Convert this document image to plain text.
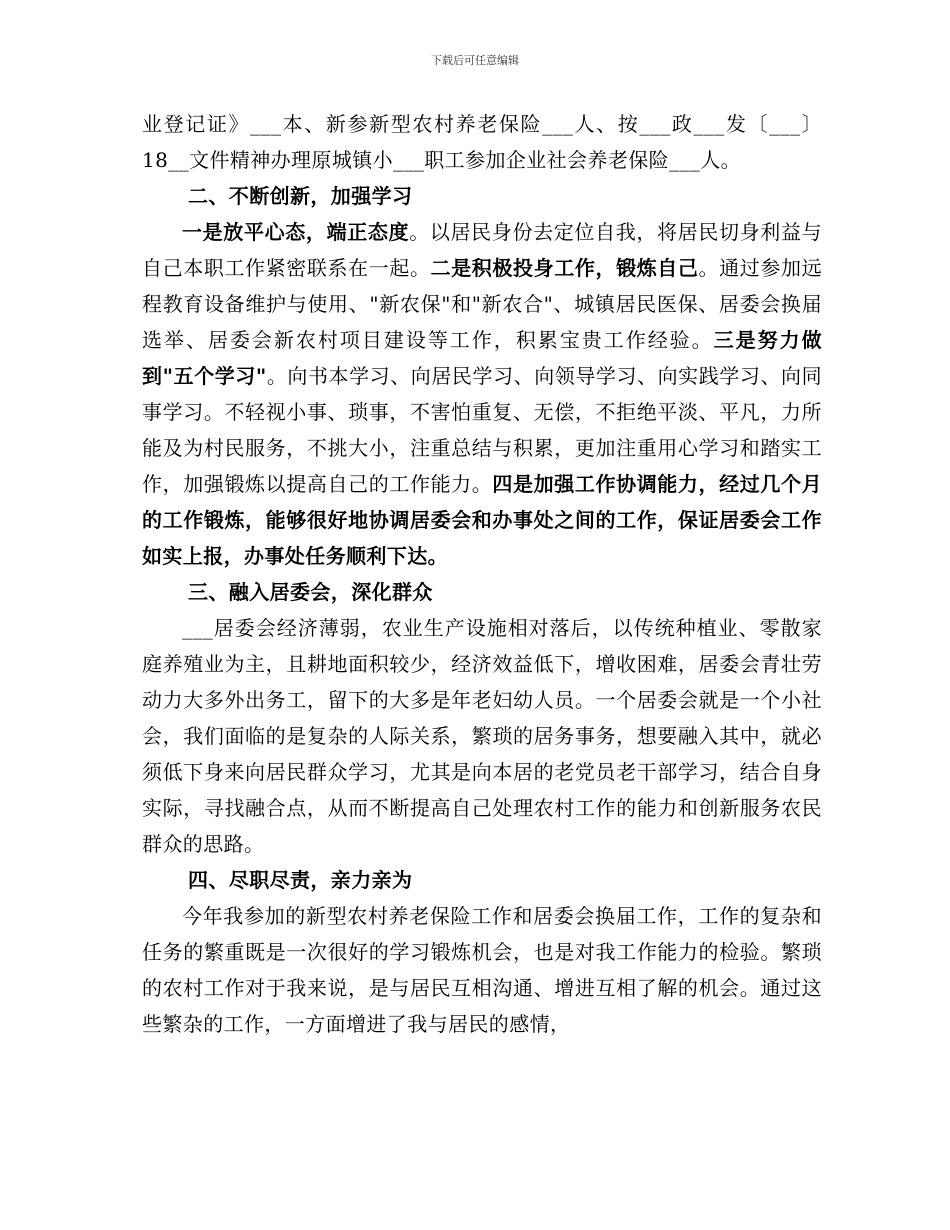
下载后可任意编辑

业登记证》___本、新参新型农村养老保险___人、按___政___发〔___〕18__文件精神办理原城镇小___职工参加企业社会养老保险___人。

二、不断创新，加强学习

一是放平心态，端正态度。以居民身份去定位自我，将居民切身利益与自己本职工作紧密联系在一起。二是积极投身工作，锻炼自己。通过参加远程教育设备维护与使用、"新农保"和"新农合"、城镇居民医保、居委会换届选举、居委会新农村项目建设等工作，积累宝贵工作经验。三是努力做到"五个学习"。向书本学习、向居民学习、向领导学习、向实践学习、向同事学习。不轻视小事、琐事，不害怕重复、无偿，不拒绝平淡、平凡，力所能及为村民服务，不挑大小，注重总结与积累，更加注重用心学习和踏实工作，加强锻炼以提高自己的工作能力。四是加强工作协调能力，经过几个月的工作锻炼，能够很好地协调居委会和办事处之间的工作，保证居委会工作如实上报，办事处任务顺利下达。

三、融入居委会，深化群众

___居委会经济薄弱，农业生产设施相对落后，以传统种植业、零散家庭养殖业为主，且耕地面积较少，经济效益低下，增收困难，居委会青壮劳动力大多外出务工，留下的大多是年老妇幼人员。一个居委会就是一个小社会，我们面临的是复杂的人际关系，繁琐的居务事务，想要融入其中，就必须低下身来向居民群众学习，尤其是向本居的老党员老干部学习，结合自身实际，寻找融合点，从而不断提高自己处理农村工作的能力和创新服务农民群众的思路。

四、尽职尽责，亲力亲为

今年我参加的新型农村养老保险工作和居委会换届工作，工作的复杂和任务的繁重既是一次很好的学习锻炼机会，也是对我工作能力的检验。繁琐的农村工作对于我来说，是与居民互相沟通、增进互相了解的机会。通过这些繁杂的工作，一方面增进了我与居民的感情，
